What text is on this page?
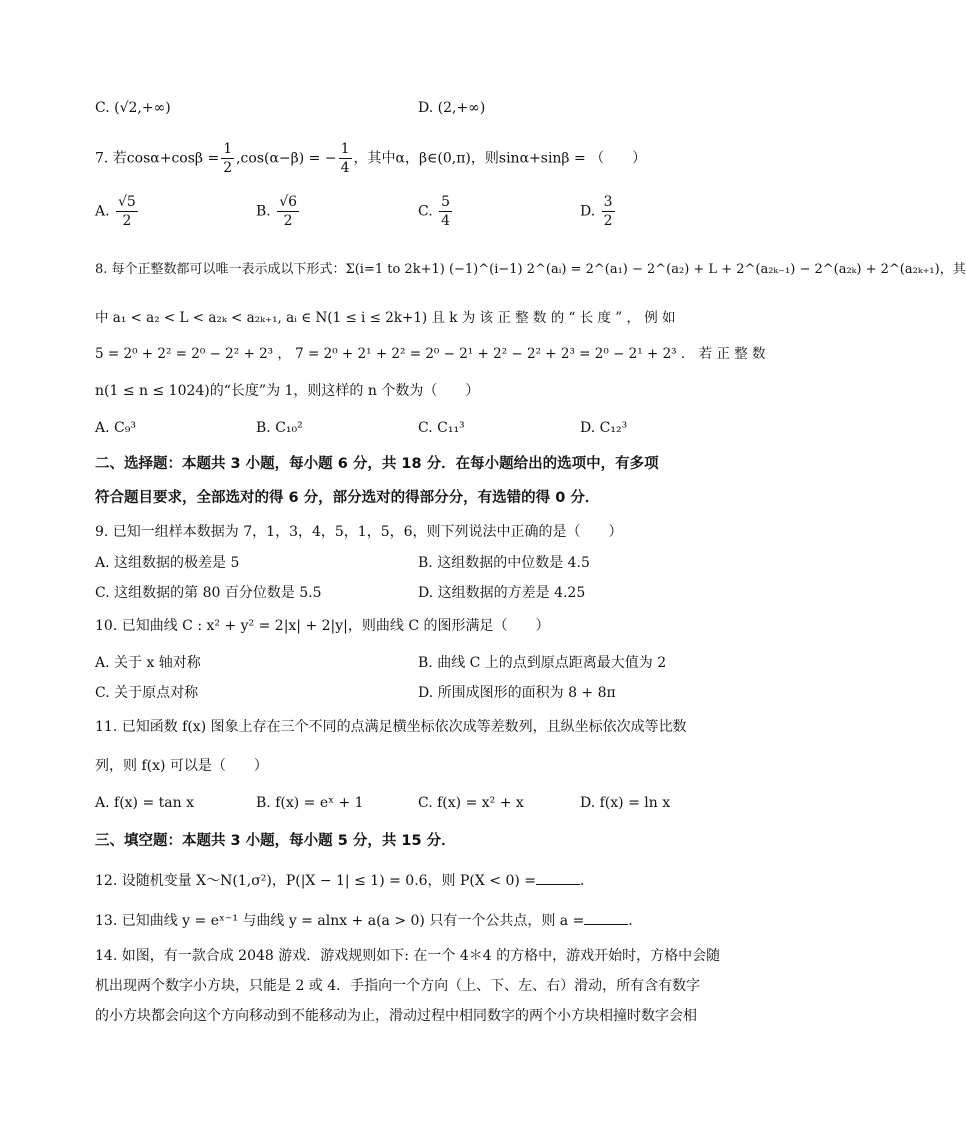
C. (√2,+∞)	D. (2,+∞)
7. 若$\cos\alpha+\cos\beta = \frac{1}{2} ,\cos(\alpha-\beta)$ = − $\frac{1}{4}$ ，其中α，β∈(0,π)，则sinα+sinβ = （　　）
A. $\frac{√5}{2}$	B. $\frac{√6}{2}$	C. $\frac{5}{4}$	D. $\frac{3}{2}$
8. 每个正整数都可以唯一表示成以下形式：Σ(i=1 to 2k+1) (−1)^(i−1) 2^(aᵢ) = 2^(a₁) − 2^(a₂) + L + 2^(a₂ₖ₋₁) − 2^(a₂ₖ) + 2^(a₂ₖ₊₁)，其
中 a₁ < a₂ < L < a₂ₖ < a₂ₖ₊₁, aᵢ ∈ N(1 ≤ i ≤ 2k+1) 且 k 为 该 正 整 数 的 “ 长 度 ” ， 例 如
5 = 2⁰ + 2² = 2⁰ − 2² + 2³ ， 7 = 2⁰ + 2¹ + 2² = 2⁰ − 2¹ + 2² − 2² + 2³ = 2⁰ − 2¹ + 2³ ． 若 正 整 数
n(1 ≤ n ≤ 1024)的“长度”为 1，则这样的 n 个数为（　　）
A. C₉³	B. C₁₀²	C. C₁₁³	D. C₁₂³
二、选择题：本题共 3 小题，每小题 6 分，共 18 分．在每小题给出的选项中，有多项
符合题目要求，全部选对的得 6 分，部分选对的得部分分，有选错的得 0 分．
9. 已知一组样本数据为 7，1，3，4，5，1，5，6，则下列说法中正确的是（　　）
A. 这组数据的极差是 5	B. 这组数据的中位数是 4.5
C. 这组数据的第 80 百分位数是 5.5	D. 这组数据的方差是 4.25
10. 已知曲线 C : x² + y² = 2|x| + 2|y|，则曲线 C 的图形满足（　　）
A. 关于 x 轴对称	B. 曲线 C 上的点到原点距离最大值为 2
C. 关于原点对称	D. 所围成图形的面积为 8 + 8π
11. 已知函数 f(x) 图象上存在三个不同的点满足横坐标依次成等差数列，且纵坐标依次成等比数
列，则 f(x) 可以是（　　）
A. f(x) = tan x	B. f(x) = eˣ + 1	C. f(x) = x² + x	D. f(x) = ln x
三、填空题：本题共 3 小题，每小题 5 分，共 15 分．
12. 设随机变量 X～N(1,σ²)，P(|X − 1| ≤ 1) = 0.6，则 P(X < 0) =	．
13. 已知曲线 y = eˣ⁻¹ 与曲线 y = alnx + a(a > 0) 只有一个公共点，则 a =	．
14. 如图，有一款合成 2048 游戏．游戏规则如下: 在一个 4＊4 的方格中，游戏开始时，方格中会随
机出现两个数字小方块，只能是 2 或 4．手指向一个方向（上、下、左、右）滑动，所有含有数字
的小方块都会向这个方向移动到不能移动为止，滑动过程中相同数字的两个小方块相撞时数字会相
